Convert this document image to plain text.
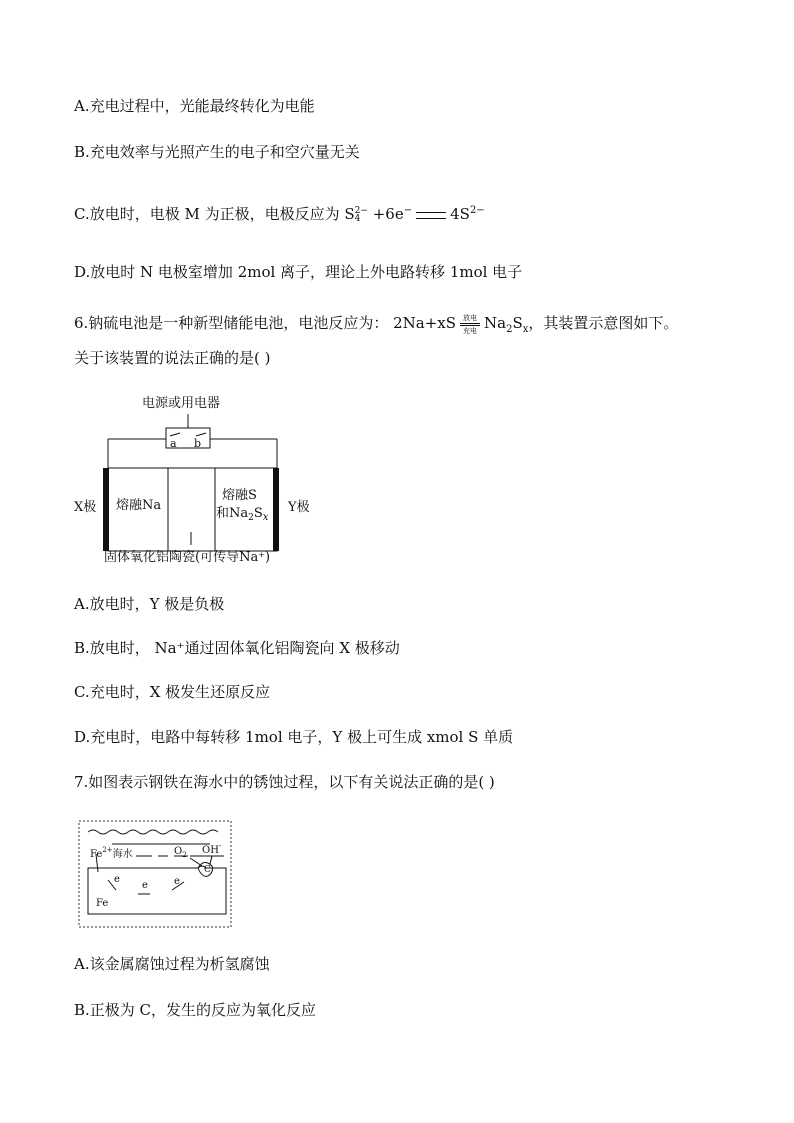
A.充电过程中，光能最终转化为电能
B.充电效率与光照产生的电子和空穴量无关
C.放电时，电极 M 为正极，电极反应为 S 2−
4 +6e−	$4S^{2-}$
D.放电时 N 电极室增加 2mol 离子，理论上外电路转移 1mol 电子
6.钠硫电池是一种新型储能电池，电池反应为： 2Na+xS	放电
充电 $Na_2S_x$，其装置示意图如下。
关于该装置的说法正确的是( )
电源或用电器
a b
X极	Y极
熔融Na
熔融S
和$Na_2S_x$
固体氧化铝陶瓷(可传导Na⁺)
A.放电时，Y 极是负极
B.放电时， Na⁺通过固体氧化铝陶瓷向 X 极移动
C.充电时，X 极发生还原反应
D.充电时，电路中每转移 1mol 电子，Y 极上可生成 xmol S 单质
7.如图表示钢铁在海水中的锈蚀过程，以下有关说法正确的是( )
$Fe^{2+}$海水	$O_2$ OH-
C
e
e	e
Fe
A.该金属腐蚀过程为析氢腐蚀
B.正极为 C，发生的反应为氧化反应
